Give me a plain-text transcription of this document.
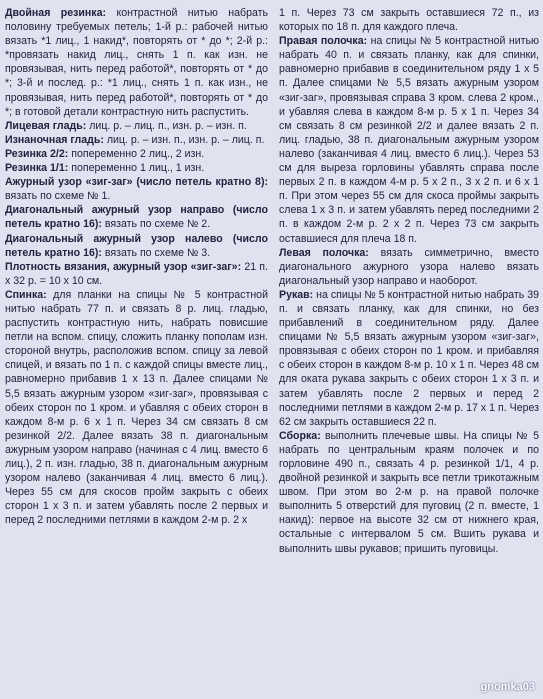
Двойная резинка: контрастной нитью набрать половину требуемых петель; 1-й р.: рабочей нитью вязать *1 лиц., 1 накид*, повторять от * до *; 2-й р.: *провязать накид лиц., снять 1 п. как изн. не провязывая, нить перед работой*, повторять от * до *; 3-й и послед. р.: *1 лиц., снять 1 п. как изн., не провязывая, нить перед работой*, повторять от * до *; в готовой детали контрастную нить распустить.

Лицевая гладь: лиц. р. – лиц. п., изн. р. – изн. п.

Изнаночная гладь: лиц. р. – изн. п., изн. р. – лиц. п.

Резинка 2/2: попеременно 2 лиц., 2 изн.

Резинка 1/1: попеременно 1 лиц., 1 изн.

Ажурный узор «зиг-заг» (число петель кратно 8): вязать по схеме № 1.

Диагональный ажурный узор направо (число петель кратно 16): вязать по схеме № 2.

Диагональный ажурный узор налево (число петель кратно 16): вязать по схеме № 3.

Плотность вязания, ажурный узор «зиг-заг»: 21 п. х 32 р. = 10 х 10 см.

Спинка: для планки на спицы № 5 контрастной нитью набрать 77 п. и связать 8 р. лиц. гладью, распустить контрастную нить, набрать повисшие петли на вспом. спицу, сложить планку пополам изн. стороной внутрь, расположив вспом. спицу за левой спицей, и вязать по 1 п. с каждой спицы вместе лиц., равномерно прибавив 1 х 13 п. Далее спицами № 5,5 вязать ажурным узором «зиг-заг», провязывая с обеих сторон по 1 кром. и убавляя с обеих сторон в каждом 8-м р. 6 х 1 п. Через 34 см связать 8 см резинкой 2/2. Далее вязать 38 п. диагональным ажурным узором направо (начиная с 4 лиц. вместо 6 лиц.), 2 п. изн. гладью, 38 п. диагональным ажурным узором налево (заканчивая 4 лиц. вместо 6 лиц.). Через 55 см для скосов пройм закрыть с обеих сторон 1 х 3 п. и затем убавлять после 2 первых и перед 2 последними петлями в каждом 2-м р. 2 х

1 п. Через 73 см закрыть оставшиеся 72 п., из которых по 18 п. для каждого плеча.

Правая полочка: на спицы № 5 контрастной нитью набрать 40 п. и связать планку, как для спинки, равномерно прибавив в соединительном ряду 1 х 5 п. Далее спицами № 5,5 вязать ажурным узором «зиг-заг», провязывая справа 3 кром. слева 2 кром., и убавляя слева в каждом 8-м р. 5 х 1 п. Через 34 см связать 8 см резинкой 2/2 и далее вязать 2 п. лиц. гладью, 38 п. диагональным ажурным узором налево (заканчивая 4 лиц. вместо 6 лиц.). Через 53 см для выреза горловины убавлять справа после первых 2 п. в каждом 4-м р. 5 х 2 п., 3 х 2 п. и 6 х 1 п. При этом через 55 см для скоса проймы закрыть слева 1 х 3 п. и затем убавлять перед последними 2 п. в каждом 2-м р. 2 х 2 п. Через 73 см закрыть оставшиеся для плеча 18 п.

Левая полочка: вязать симметрично, вместо диагонального ажурного узора налево вязать диагональный узор направо и наоборот.

Рукав: на спицы № 5 контрастной нитью набрать 39 п. и связать планку, как для спинки, но без прибавлений в соединительном ряду. Далее спицами № 5,5 вязать ажурным узором «зиг-заг», провязывая с обеих сторон по 1 кром. и прибавляя с обеих сторон в каждом 8-м р. 10 х 1 п. Через 48 см для оката рукава закрыть с обеих сторон 1 х 3 п. и затем убавлять после 2 первых и перед 2 последними петлями в каждом 2-м р. 17 х 1 п. Через 62 см закрыть оставшиеся 22 п.

Сборка: выполнить плечевые швы. На спицы № 5 набрать по центральным краям полочек и по горловине 490 п., связать 4 р. резинкой 1/1, 4 р. двойной резинкой и закрыть все петли трикотажным швом. При этом во 2-м р. на правой полочке выполнить 5 отверстий для пуговиц (2 п. вместе, 1 накид): первое на высоте 32 см от нижнего края, остальные с интервалом 5 см. Вшить рукава и выполнить швы рукавов; пришить пуговицы.

gnomka03
